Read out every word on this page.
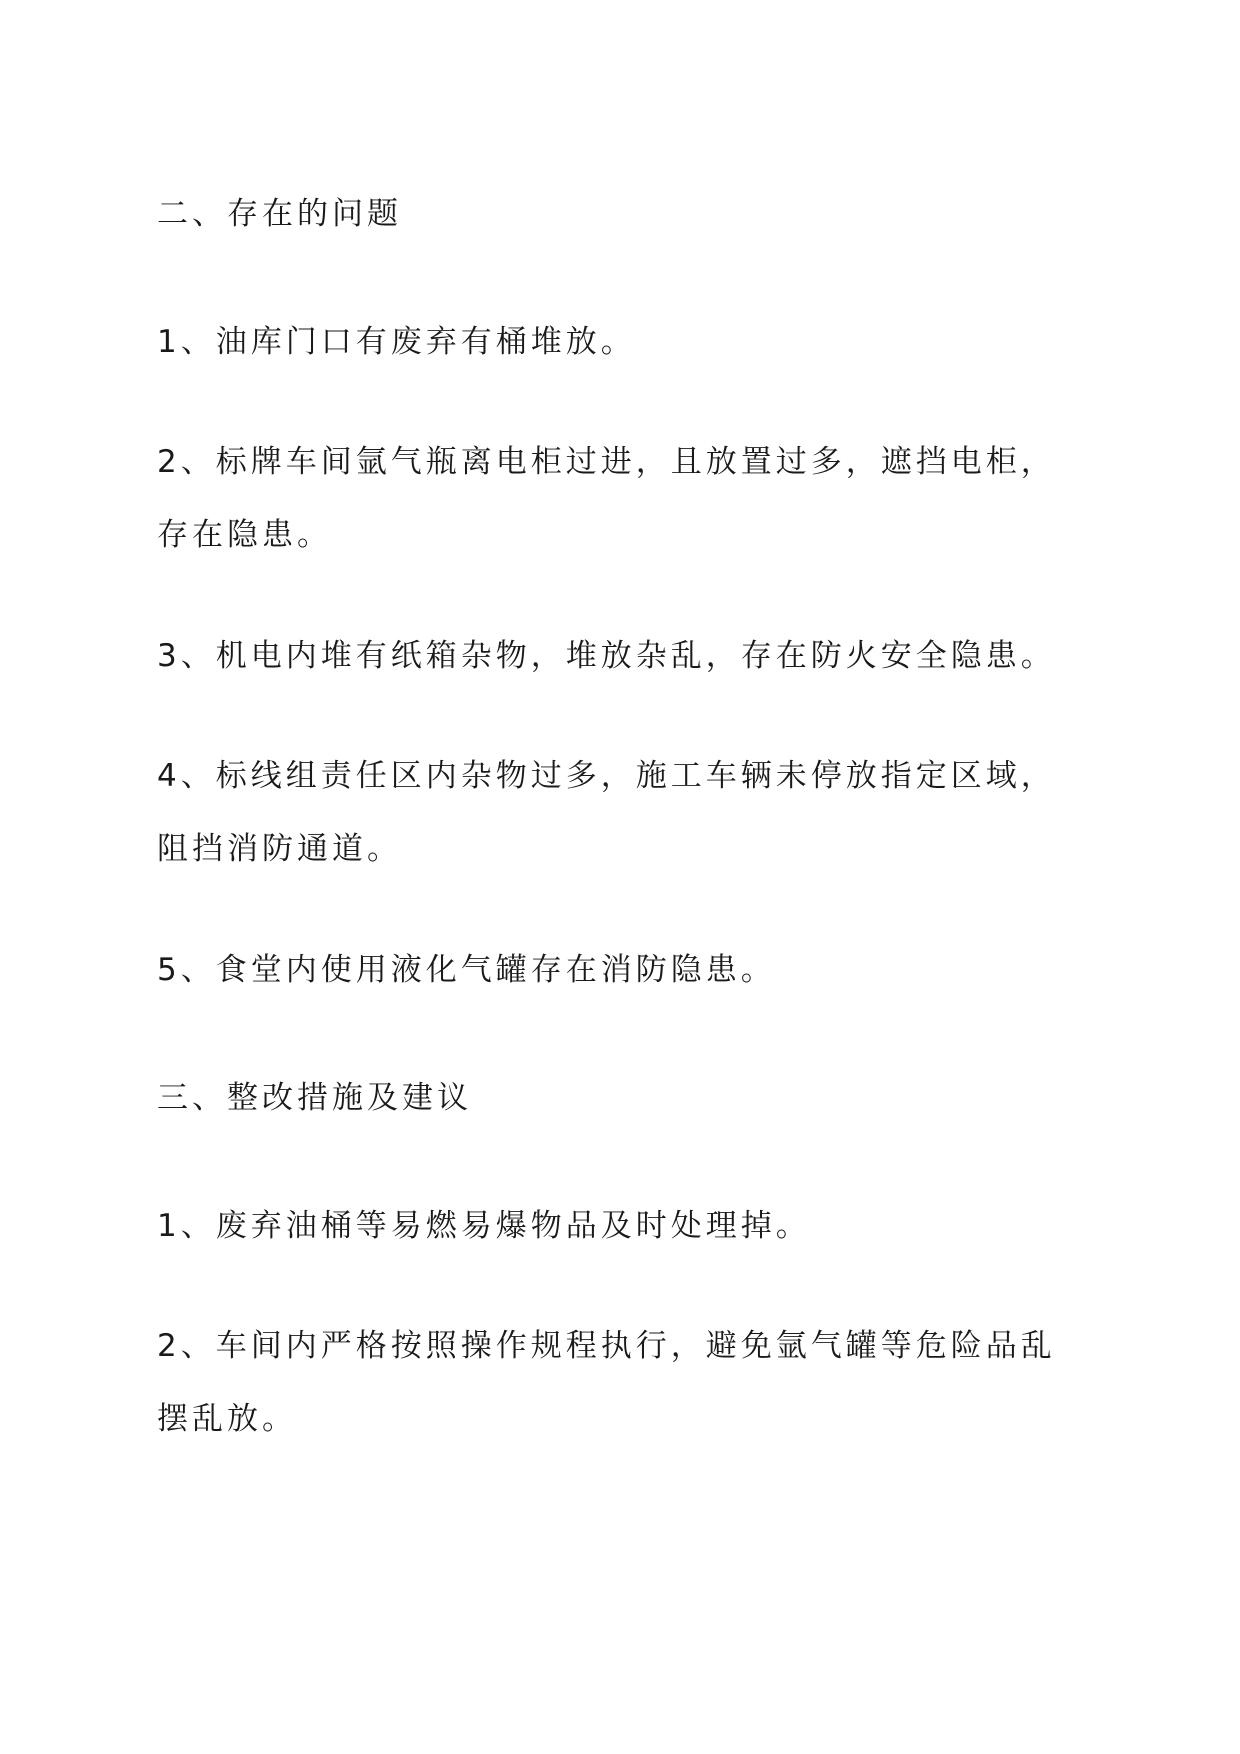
二、存在的问题
1、油库门口有废弃有桶堆放。
2、标牌车间氩气瓶离电柜过进，且放置过多，遮挡电柜，存在隐患。
3、机电内堆有纸箱杂物，堆放杂乱，存在防火安全隐患。
4、标线组责任区内杂物过多，施工车辆未停放指定区域，阻挡消防通道。
5、食堂内使用液化气罐存在消防隐患。
三、整改措施及建议
1、废弃油桶等易燃易爆物品及时处理掉。
2、车间内严格按照操作规程执行，避免氩气罐等危险品乱摆乱放。
